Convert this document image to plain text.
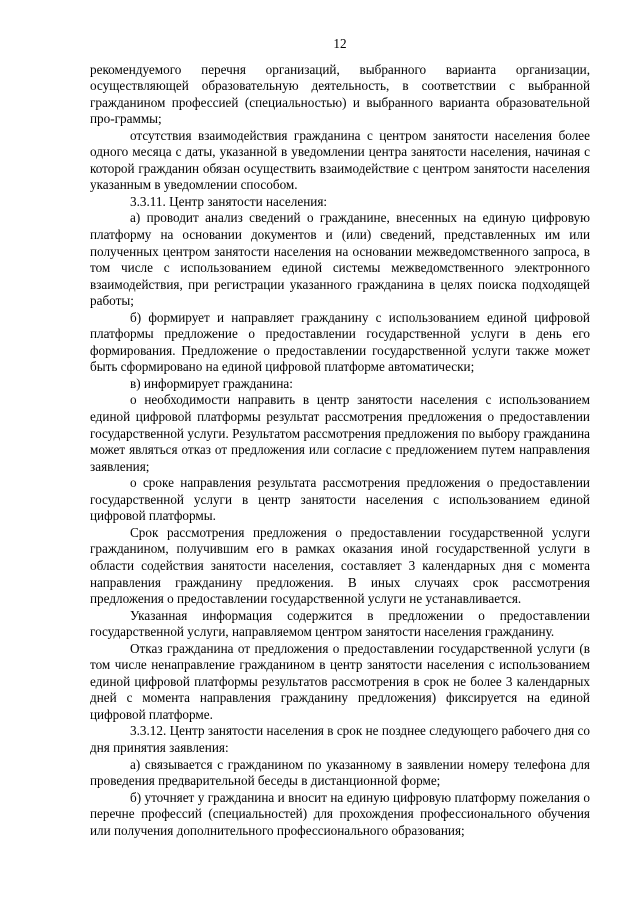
12

рекомендуемого перечня организаций, выбранного варианта организации, осуществляющей образовательную деятельность, в соответствии с выбранной гражданином профессией (специальностью) и выбранного варианта образовательной про-граммы;

отсутствия взаимодействия гражданина с центром занятости населения более одного месяца с даты, указанной в уведомлении центра занятости населения, начиная с которой гражданин обязан осуществить взаимодействие с центром занятости населения указанным в уведомлении способом.

3.3.11. Центр занятости населения:

а) проводит анализ сведений о гражданине, внесенных на единую цифровую платформу на основании документов и (или) сведений, представленных им или полученных центром занятости населения на основании межведомственного запроса, в том числе с использованием единой системы межведомственного электронного взаимодействия, при регистрации указанного гражданина в целях поиска подходящей работы;

б) формирует и направляет гражданину с использованием единой цифровой платформы предложение о предоставлении государственной услуги в день его формирования. Предложение о предоставлении государственной услуги также может быть сформировано на единой цифровой платформе автоматически;

в) информирует гражданина:

о необходимости направить в центр занятости населения с использованием единой цифровой платформы результат рассмотрения предложения о предоставлении государственной услуги. Результатом рассмотрения предложения по выбору гражданина может являться отказ от предложения или согласие с предложением путем направления заявления;

о сроке направления результата рассмотрения предложения о предоставлении государственной услуги в центр занятости населения с использованием единой цифровой платформы.

Срок рассмотрения предложения о предоставлении государственной услуги гражданином, получившим его в рамках оказания иной государственной услуги в области содействия занятости населения, составляет 3 календарных дня с момента направления гражданину предложения. В иных случаях срок рассмотрения предложения о предоставлении государственной услуги не устанавливается.

Указанная информация содержится в предложении о предоставлении государственной услуги, направляемом центром занятости населения гражданину.

Отказ гражданина от предложения о предоставлении государственной услуги (в том числе ненаправление гражданином в центр занятости населения с использованием единой цифровой платформы результатов рассмотрения в срок не более 3 календарных дней с момента направления гражданину предложения) фиксируется на единой цифровой платформе.

3.3.12. Центр занятости населения в срок не позднее следующего рабочего дня со дня принятия заявления:

а) связывается с гражданином по указанному в заявлении номеру телефона для проведения предварительной беседы в дистанционной форме;

б) уточняет у гражданина и вносит на единую цифровую платформу пожелания о перечне профессий (специальностей) для прохождения профессионального обучения или получения дополнительного профессионального образования;
